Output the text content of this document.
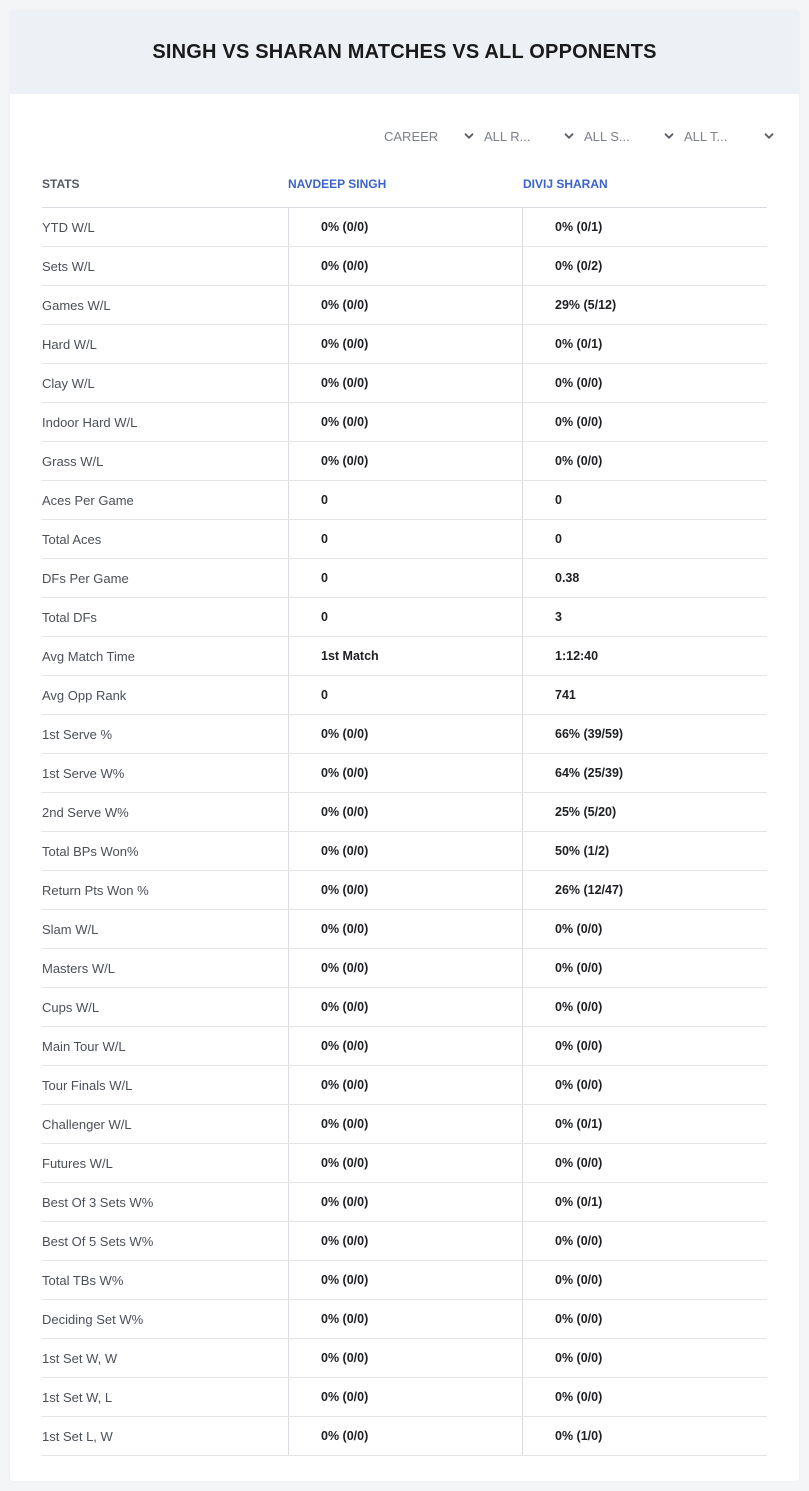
SINGH VS SHARAN MATCHES VS ALL OPPONENTS
CAREER	ALL R...	ALL S...	ALL T...
STATS	NAVDEEP SINGH	DIVIJ SHARAN
YTD W/L	0% (0/0)	0% (0/1)
Sets W/L	0% (0/0)	0% (0/2)
Games W/L	0% (0/0)	29% (5/12)
Hard W/L	0% (0/0)	0% (0/1)
Clay W/L	0% (0/0)	0% (0/0)
Indoor Hard W/L	0% (0/0)	0% (0/0)
Grass W/L	0% (0/0)	0% (0/0)
Aces Per Game	0	0
Total Aces	0	0
DFs Per Game	0	0.38
Total DFs	0	3
Avg Match Time	1st Match	1:12:40
Avg Opp Rank	0	741
1st Serve %	0% (0/0)	66% (39/59)
1st Serve W%	0% (0/0)	64% (25/39)
2nd Serve W%	0% (0/0)	25% (5/20)
Total BPs Won%	0% (0/0)	50% (1/2)
Return Pts Won %	0% (0/0)	26% (12/47)
Slam W/L	0% (0/0)	0% (0/0)
Masters W/L	0% (0/0)	0% (0/0)
Cups W/L	0% (0/0)	0% (0/0)
Main Tour W/L	0% (0/0)	0% (0/0)
Tour Finals W/L	0% (0/0)	0% (0/0)
Challenger W/L	0% (0/0)	0% (0/1)
Futures W/L	0% (0/0)	0% (0/0)
Best Of 3 Sets W%	0% (0/0)	0% (0/1)
Best Of 5 Sets W%	0% (0/0)	0% (0/0)
Total TBs W%	0% (0/0)	0% (0/0)
Deciding Set W%	0% (0/0)	0% (0/0)
1st Set W, W	0% (0/0)	0% (0/0)
1st Set W, L	0% (0/0)	0% (0/0)
1st Set L, W	0% (0/0)	0% (1/0)
